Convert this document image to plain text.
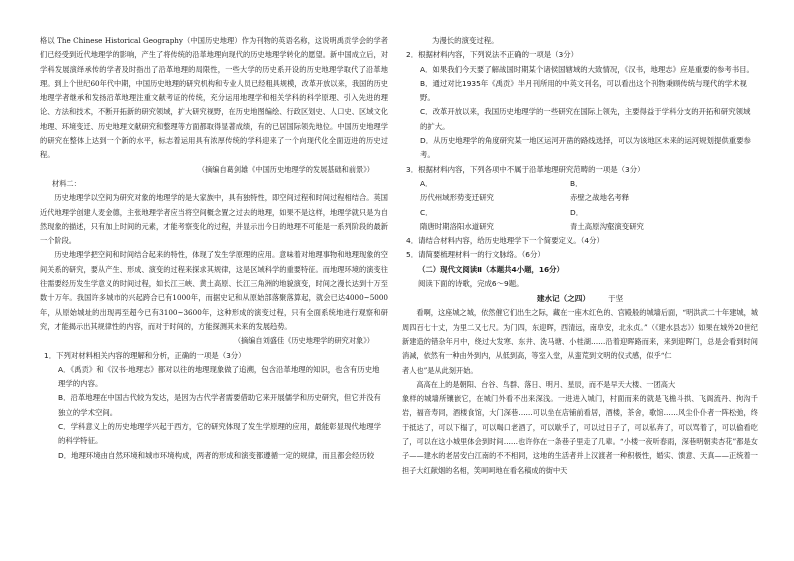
格以 The Chinese Historical Geography（中国历史地理）作为刊物的英语名称，这说明禹贡学会的学者们已经受到近代地理学的影响，产生了将传统的沿革地理向现代的历史地理学转化的愿望。新中国成立后，对学科发展演绎承传的学者及时指出了沿革地理的局限性，一些大学的历史系开设的历史地理学取代了沿革地理。到上个世纪60年代中期，中国历史地理的研究机构和专业人员已经粗具规模，改革开放以来，我国的历史地理学者继承和发扬沿革地理注重文献考证的传统，充分运用地理学和相关学科的科学原理、引入先进的理论、方法和技术，不断开拓新的研究领域，扩大研究视野，在历史地图编绘、行政区划史、人口史、区域文化地理、环境变迁、历史地理文献研究和整理等方面都取得显著成绩，有的已居国际领先地位。中国历史地理学的研究在整体上达到一个新的水平，标志着运用具有浓厚传统的学科迎来了一个向现代化全面迈进的历史过程。

（摘编自葛剑雄《中国历史地理学的发展基础和前景》）

材料二：

历史地理学以空间为研究对象的地理学的是大家族中，具有独特性，即空间过程和时间过程相结合。英国近代地理学创建人麦金德，主张地理学者应当将空间概念置之过去的地理，如果不是这样，地理学就只是为自然现象的描述，只有加上时间的元素，才能考察变化的过程，并显示出今日的地理不可能是一系列阶段的最新一个阶段。

历史地理学把空间和时间结合起来的特性，体现了发生学原理的应用。意味着对地理事物和地理现象的空间关系的研究，要从产生、形成、演变的过程来探求其规律，这是区域科学的重要特征。而地理环境的演变往往需要经历发生学意义的时间过程，如长江三峡、黄土高原、长江三角洲的地貌演变，时间之漫长达到十万至数十万年。我国许多城市的兴起跨合已有1000年，而据史记和从原始部落聚落算起，就会已达4000~5000年，从原始城址的出现再至超今已有3100~3600年，这种形成的演变过程，只有全面系统地进行观察和研究，才能揭示出其规律性的内容，而对于时间的，方能探测其未来的发展趋势。

（摘编自刘盛佳《历史地理学的研究对象》）

1．下列对材料相关内容的理解和分析，正确的一项是（3分）

A．《禹贡》和《汉书·地理志》都对以往的地理现象做了追溯，包含沿革地理的知识，也含有历史地理学的内容。

B．沿革地理在中国古代较为发达，是因为古代学者需要借助它来开展儒学和历史研究，但它并没有独立的学术空间。

C．学科意义上的历史地理学兴起于西方，它的研究体现了发生学原理的应用，最能彰显现代地理学的科学特征。

D．地理环境由自然环境和城市环境构成，两者的形成和演变都遵循一定的规律，而且都会经历较

为漫长的演变过程。

2．根据材料内容，下列说法不正确的一项是（3分）

A．如果我们今天要了解战国时期某个诸侯国辖域的大致情况，《汉书，地理志》应是重要的参考书目。

B．通过对比1935年《禹贡》半月刊所用的中英文刊名，可以看出这个刊物秉顾传统与现代的学术视野。

C．改革开放以来，我国历史地理学的一些研究在国际上领先，主要得益于学科分支的开拓和研究领域的扩大。

D．从历史地理学的角度研究某一地区运河开凿的路线选择，可以为该地区未来的运河规划提供重要参考。

3．根据材料内容，下列各项中不属于沿革地理研究范畴的一项是（3分）

A．
历代州域形势变迁研究
B．
赤壁之战地名考释
C．
隋唐时期洛阳水道研究
D．
青土高原沟壑演变研究

4．请结合材料内容，给历史地理学下一个简要定义。（4分）

5．请简要梳理材料一的行文脉络。（6分）

（二）现代文阅读Ⅱ（本题共4小题，16分）

阅读下面的诗歌，完成6～9题。

建水记（之四） 于坚

看啊，这座城之城，依然催它们出生之际，藏在一座木红色的、官殿般的城墙后面，“明洪武二十年建城，城周四百七十丈，为里二又七尺。为门四，东迎晖，西清远，南阜安，北永贞。”（《建水县志》）如果在城外20世纪新建造的错杂年月中，绕过大发寒、东井、洗马塘、小桂湖……沿着迎晖路而来，来到迎晖门，总是会看到时间消减，依然有一种由外到内，从低到高，等室入堂，从蛮荒到文明的仪式感，似乎“仁

者人也”是从此刻开始。

高高在上的是朝阳、台谷、鸟群、落日、明月、星辰，而不是早天大楼、一团高大

象样的城墙所镶嵌它，在城门外看不出来深浅。一进进入城门，村面而来的就是飞檐斗拱、飞阁流丹、拘沟千岩，福音寿同，酒楼食馆，大门深巷……可以坐在店铺前看居，酒楼，茶舍，歌馆……风尘仆仆者一阵松弛，终于抵达了，可以下榻了，可以喝口老酒了，可以歇乎了，可以过日子了，可以私奔了，可以骂着了，可以偷看吃了，可以在这小城里体会到时间……也许你在一条巷子里走了几辈。“小楼一夜听春雨，深巷明朝卖杏花”都是女子——建水的老居安白江南的不不相同，这地的生活者并上汉渡者一种积极性，婚实、馈意、天真——正统着一担子大红献烟的名相，笑呵呵地在看名稿成的街中天
